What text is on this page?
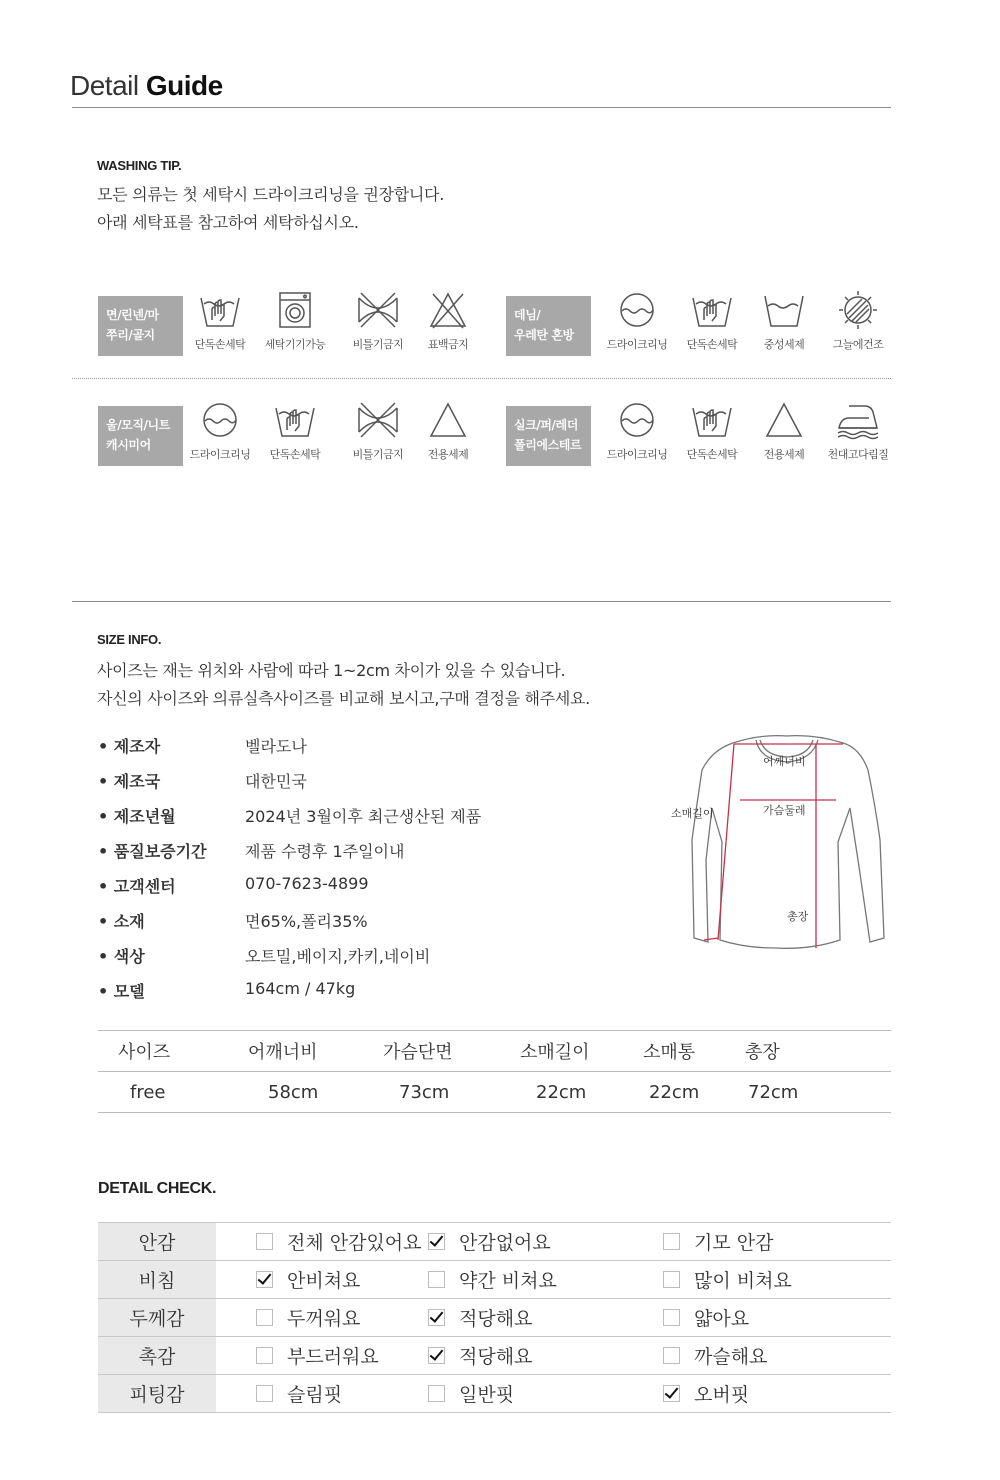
Detail Guide
WASHING TIP.
모든 의류는 첫 세탁시 드라이크리닝을 권장합니다.
아래 세탁표를 참고하여 세탁하십시오.
면/린넨/마
쭈리/골지
단독손세탁	세탁기기가능	비틀기금지	표백금지
데님/
우레탄 혼방
드라이크리닝	단독손세탁	중성세제	그늘에건조
울/모직/니트
캐시미어
드라이크리닝	단독손세탁	비틀기금지	전용세제
실크/퍼/레더
폴리에스테르
드라이크리닝	단독손세탁	전용세제	천대고다림질
SIZE INFO.
사이즈는 재는 위치와 사람에 따라 1~2cm 차이가 있을 수 있습니다.
자신의 사이즈와 의류실측사이즈를 비교해 보시고,구매 결정을 해주세요.
• 제조자	벨라도나
• 제조국	대한민국
• 제조년월	2024년 3월이후 최근생산된 제품
• 품질보증기간 제품 수령후 1주일이내
• 고객센터	070-7623-4899
• 소재	면65%,폴리35%
• 색상	오트밀,베이지,카키,네이비
• 모델	164cm / 47kg
어깨너비
가슴둘레
소매길이
총장
사이즈	어깨너비	가슴단면	소매길이	소매통	총장
free	58cm	73cm	22cm	22cm	72cm
DETAIL CHECK.
안감	전체 안감있어요	안감없어요	기모 안감

비침	안비쳐요	약간 비쳐요	많이 비쳐요

두께감	두꺼워요	적당해요	얇아요

촉감	부드러워요	적당해요	까슬해요

피팅감	슬림핏	일반핏	오버핏
